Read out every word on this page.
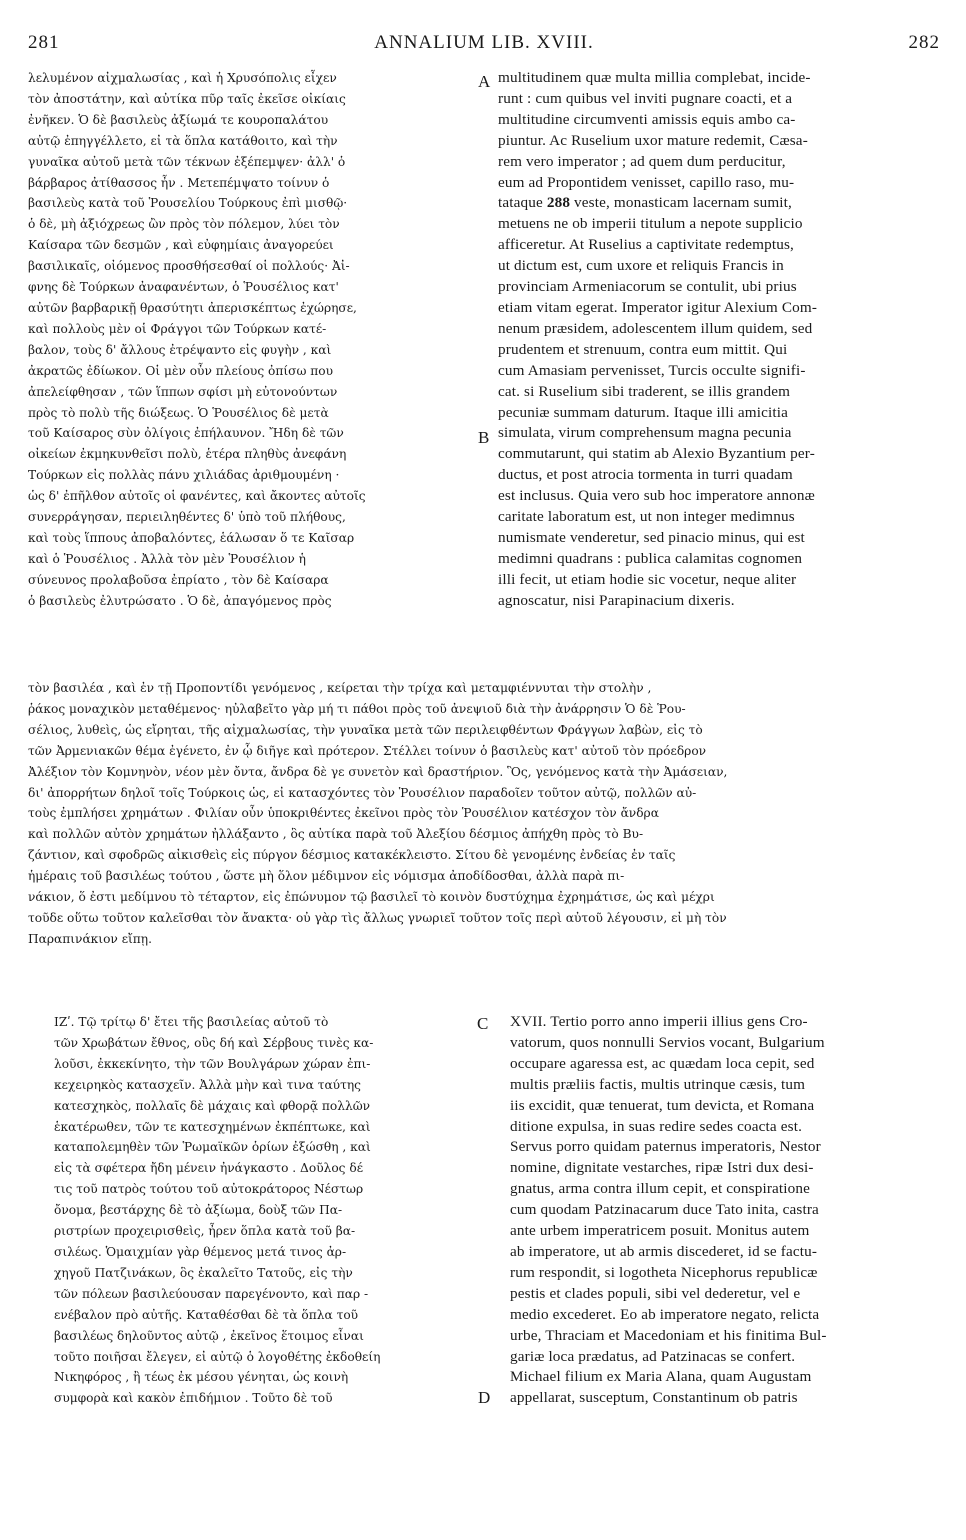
281	ANNALIUM LIB. XVIII.	282
A
B
C
D
λελυμένον αἰχμαλωσίας , καὶ ἡ Χρυσόπολις εἶχεν
τὸν ἀποστάτην, καὶ αὐτίκα πῦρ ταῖς ἐκεῖσε οἰκίαις
ἐνῆκεν. Ὁ δὲ βασιλεὺς ἀξίωμά τε κουροπαλάτου
αὐτῷ ἐπηγγέλλετο, εἰ τὰ ὅπλα κατάθοιτο, καὶ τὴν
γυναῖκα αὐτοῦ μετὰ τῶν τέκνων ἐξέπεμψεν· ἀλλ' ὁ
βάρβαρος ἀτίθασσος ἦν . Μετεπέμψατο τοίνυν ὁ
βασιλεὺς κατὰ τοῦ Ῥουσελίου Τούρκους ἐπὶ μισθῷ·
ὁ δὲ, μὴ ἀξιόχρεως ὢν πρὸς τὸν πόλεμον, λύει τὸν
Καίσαρα τῶν δεσμῶν , καὶ εὐφημίαις ἀναγορεύει
βασιλικαῖς, οἰόμενος προσθήσεσθαί οἱ πολλούς· Ἀἰ-
φνης δὲ Τούρκων ἀναφανέντων, ὁ Ῥουσέλιος κατ'
αὐτῶν βαρβαρικῇ θρασύτητι ἀπερισκέπτως ἐχώρησε,
καὶ πολλοὺς μὲν οἱ Φράγγοι τῶν Τούρκων κατέ-
βαλον, τοὺς δ' ἄλλους ἐτρέψαντο εἰς φυγὴν , καὶ
ἀκρατῶς ἐδίωκον. Οἱ μὲν οὖν πλείους ὀπίσω που
ἀπελείφθησαν , τῶν ἵππων σφίσι μὴ εὐτονούντων
πρὸς τὸ πολὺ τῆς διώξεως. Ὁ Ῥουσέλιος δὲ μετὰ
τοῦ Καίσαρος σὺν ὀλίγοις ἐπήλαυνον. Ἤδη δὲ τῶν
οἰκείων ἐκμηκυνθεῖσι πολὺ, ἑτέρα πληθὺς ἀνεφάνη
Τούρκων εἰς πολλὰς πάνυ χιλιάδας ἀριθμουμένη ·
ὡς δ' ἐπῆλθον αὐτοῖς οἱ φανέντες, καὶ ἄκοντες αὐτοῖς
συνερράγησαν, περιειληθέντες δ' ὑπὸ τοῦ πλήθους,
καὶ τοὺς ἵππους ἀποβαλόντες, ἑάλωσαν ὅ τε Καῖσαρ
καὶ ὁ Ῥουσέλιος . Ἀλλὰ τὸν μὲν Ῥουσέλιον ἡ
σύνευνος προλαβοῦσα ἐπρίατο , τὸν δὲ Καίσαρα
ὁ βασιλεὺς ἐλυτρώσατο . Ὁ δὲ, ἀπαγόμενος πρὸς
multitudinem quæ multa millia complebat, incide-
runt : cum quibus vel inviti pugnare coacti, et a
multitudine circumventi amissis equis ambo ca-
piuntur. Ac Ruselium uxor mature redemit, Cæsa-
rem vero imperator ; ad quem dum perducitur,
eum ad Propontidem venisset, capillo raso, mu-
tataque 288 veste, monasticam lacernam sumit,
metuens ne ob imperii titulum a nepote supplicio
afficeretur. At Ruselius a captivitate redemptus,
ut dictum est, cum uxore et reliquis Francis in
provinciam Armeniacorum se contulit, ubi prius
etiam vitam egerat. Imperator igitur Alexium Com-
nenum præsidem, adolescentem illum quidem, sed
prudentem et strenuum, contra eum mittit. Qui
cum Amasiam pervenisset, Turcis occulte signifi-
cat. si Ruselium sibi traderent, se illis grandem
pecuniæ summam daturum. Itaque illi amicitia
simulata, virum comprehensum magna pecunia
commutarunt, qui statim ab Alexio Byzantium per-
ductus, et post atrocia tormenta in turri quadam
est inclusus. Quia vero sub hoc imperatore annonæ
caritate laboratum est, ut non integer medimnus
numismate venderetur, sed pinacio minus, qui est
medimni quadrans : publica calamitas cognomen
illi fecit, ut etiam hodie sic vocetur, neque aliter
agnoscatur, nisi Parapinacium dixeris.
τὸν βασιλέα , καὶ ἐν τῇ Προποντίδι γενόμενος , κείρεται τὴν τρίχα καὶ μεταμφιέννυται τὴν στολὴν ,
ῥάκος μοναχικὸν μεταθέμενος· ηὐλαβεῖτο γὰρ μή τι πάθοι πρὸς τοῦ ἀνεψιοῦ διὰ τὴν ἀνάρρησιν Ὁ δὲ Ῥου-
σέλιος, λυθεὶς, ὡς εἴρηται, τῆς αἰχμαλωσίας, τὴν γυναῖκα μετὰ τῶν περιλειφθέντων Φράγγων λαβὼν, εἰς τὸ
τῶν Ἀρμενιακῶν θέμα ἐγένετο, ἐν ᾧ διῆγε καὶ πρότερον. Στέλλει τοίνυν ὁ βασιλεὺς κατ' αὐτοῦ τὸν πρόεδρον
Ἀλέξιον τὸν Κομνηνὸν, νέον μὲν ὄντα, ἄνδρα δὲ γε συνετὸν καὶ δραστήριον. Ὃς, γενόμενος κατὰ τὴν Ἀμάσειαν,
δι' ἀπορρήτων δηλοῖ τοῖς Τούρκοις ὡς, εἰ κατασχόντες τὸν Ῥουσέλιον παραδοῖεν τοῦτον αὐτῷ, πολλῶν αὐ-
τοὺς ἐμπλήσει χρημάτων . Φιλίαν οὖν ὑποκριθέντες ἐκεῖνοι πρὸς τὸν Ῥουσέλιον κατέσχον τὸν ἄνδρα
καὶ πολλῶν αὐτὸν χρημάτων ἠλλάξαντο , ὃς αὐτίκα παρὰ τοῦ Ἀλεξίου δέσμιος ἀπήχθη πρὸς τὸ Βυ-
ζάντιον, καὶ σφοδρῶς αἰκισθεὶς εἰς πύργον δέσμιος κατακέκλειστο. Σίτου δὲ γενομένης ἐνδείας ἐν ταῖς
ἡμέραις τοῦ βασιλέως τούτου , ὥστε μὴ ὅλον μέδιμνον εἰς νόμισμα ἀποδίδοσθαι, ἀλλὰ παρὰ πι-
νάκιον, ὅ ἐστι μεδίμνου τὸ τέταρτον, εἰς ἐπώνυμον τῷ βασιλεῖ τὸ κοινὸν δυστύχημα ἐχρημάτισε, ὡς καὶ μέχρι
τοῦδε οὕτω τοῦτον καλεῖσθαι τὸν ἄνακτα· οὐ γὰρ τὶς ἄλλως γνωριεῖ τοῦτον τοῖς περὶ αὐτοῦ λέγουσιν, εἰ μὴ τὸν
Παραπινάκιον εἴπῃ.
ΙΖʹ. Τῷ τρίτῳ δ' ἔτει τῆς βασιλείας αὐτοῦ τὸ
τῶν Χρωβάτων ἔθνος, οὓς δή καὶ Σέρβους τινὲς κα-
λοῦσι, ἐκκεκίνητο, τὴν τῶν Βουλγάρων χώραν ἐπι-
κεχειρηκὸς κατασχεῖν. Ἀλλὰ μὴν καὶ τινα ταύτης
κατεσχηκὸς, πολλαῖς δὲ μάχαις καὶ φθορᾷ πολλῶν
ἑκατέρωθεν, τῶν τε κατεσχημένων ἐκπέπτωκε, καὶ
καταπολεμηθὲν τῶν Ῥωμαϊκῶν ὁρίων ἐξώσθη , καὶ
εἰς τὰ σφέτερα ἤδη μένειν ἠνάγκαστο . Δοῦλος δέ
τις τοῦ πατρὸς τούτου τοῦ αὐτοκράτορος Νέστωρ
ὄνομα, βεστάρχης δὲ τὸ ἀξίωμα, δοὺξ τῶν Πα-
ριστρίων προχειρισθεὶς, ἦρεν ὅπλα κατὰ τοῦ βα-
σιλέως. Ὁμαιχμίαν γὰρ θέμενος μετά τινος ἀρ-
χηγοῦ Πατζινάκων, ὃς ἐκαλεῖτο Τατοῦς, εἰς τὴν
τῶν πόλεων βασιλεύουσαν παρεγένοντο, καὶ παρ -
ενέβαλον πρὸ αὐτῆς. Καταθέσθαι δὲ τὰ ὅπλα τοῦ
βασιλέως δηλοῦντος αὐτῷ , ἐκεῖνος ἕτοιμος εἶναι
τοῦτο ποιῆσαι ἔλεγεν, εἰ αὐτῷ ὁ λογοθέτης ἐκδοθείη
Νικηφόρος , ἢ τέως ἐκ μέσου γένηται, ὡς κοινὴ
συμφορὰ καὶ κακὸν ἐπιδήμιον . Τοῦτο δὲ τοῦ
XVII. Tertio porro anno imperii illius gens Cro-
vatorum, quos nonnulli Servios vocant, Bulgarium
occupare agaressa est, ac quædam loca cepit, sed
multis præliis factis, multis utrinque cæsis, tum
iis excidit, quæ tenuerat, tum devicta, et Romana
ditione expulsa, in suas redire sedes coacta est.
Servus porro quidam paternus imperatoris, Nestor
nomine, dignitate vestarches, ripæ Istri dux desi-
gnatus, arma contra illum cepit, et conspiratione
cum quodam Patzinacarum duce Tato inita, castra
ante urbem imperatricem posuit. Monitus autem
ab imperatore, ut ab armis discederet, id se factu-
rum respondit, si logotheta Nicephorus republicæ
pestis et clades populi, sibi vel dederetur, vel e
medio excederet. Eo ab imperatore negato, relicta
urbe, Thraciam et Macedoniam et his finitima Bul-
gariæ loca prædatus, ad Patzinacas se confert.
Michael filium ex Maria Alana, quam Augustam
appellarat, susceptum, Constantinum ob patris
